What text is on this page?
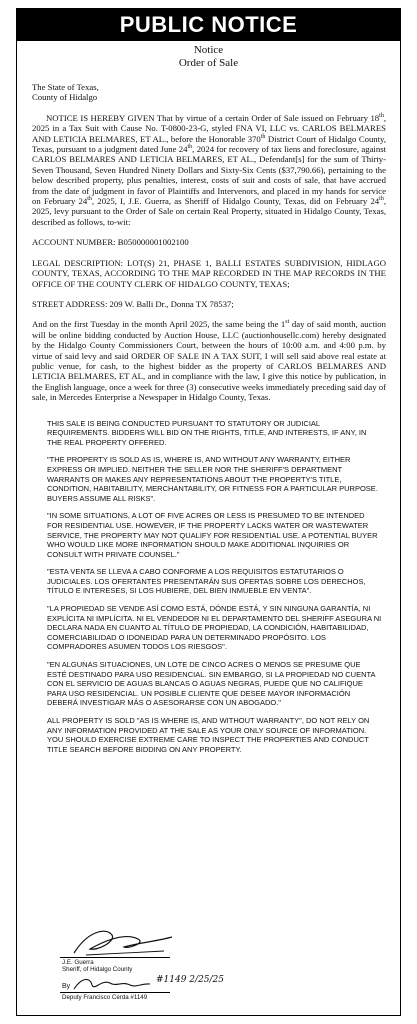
PUBLIC NOTICE
Notice
Order of Sale

The State of Texas,

County of Hidalgo

NOTICE IS HEREBY GIVEN That by virtue of a certain Order of Sale issued on February 18th, 2025 in a Tax Suit with Cause No. T-0800-23-G, styled FNA VI, LLC vs. CARLOS BELMARES AND LETICIA BELMARES, ET AL., before the Honorable 370th District Court of Hidalgo County, Texas, pursuant to a judgment dated June 24th, 2024 for recovery of tax liens and foreclosure, against CARLOS BELMARES AND LETICIA BELMARES, ET AL., Defendant[s] for the sum of Thirty-Seven Thousand, Seven Hundred Ninety Dollars and Sixty-Six Cents ($37,790.66), pertaining to the below described property, plus penalties, interest, costs of suit and costs of sale, that have accrued from the date of judgment in favor of Plaintiffs and Intervenors, and placed in my hands for service on February 24th, 2025, I, J.E. Guerra, as Sheriff of Hidalgo County, Texas, did on February 24th, 2025, levy pursuant to the Order of Sale on certain Real Property, situated in Hidalgo County, Texas, described as follows, to-wit:

ACCOUNT NUMBER: B050000001002100

LEGAL DESCRIPTION: LOT(S) 21, PHASE 1, BALLI ESTATES SUBDIVISION, HIDLAGO COUNTY, TEXAS, ACCORDING TO THE MAP RECORDED IN THE MAP RECORDS IN THE OFFICE OF THE COUNTY CLERK OF HIDALGO COUNTY, TEXAS;

STREET ADDRESS: 209 W. Balli Dr., Donna TX 78537;

And on the first Tuesday in the month April 2025, the same being the 1st day of said month, auction will be online bidding conducted by Auction House, LLC (auctionhousellc.com) hereby designated by the Hidalgo County Commissioners Court, between the hours of 10:00 a.m. and 4:00 p.m. by virtue of said levy and said ORDER OF SALE IN A TAX SUIT, I will sell said above real estate at public venue, for cash, to the highest bidder as the property of CARLOS BELMARES AND LETICIA BELMARES, ET AL, and in compliance with the law, I give this notice by publication, in the English language, once a week for three (3) consecutive weeks immediately preceding said day of sale, in Mercedes Enterprise a Newspaper in Hidalgo County, Texas.

THIS SALE IS BEING CONDUCTED PURSUANT TO STATUTORY OR JUDICIAL REQUIREMENTS. BIDDERS WILL BID ON THE RIGHTS, TITLE, AND INTERESTS, IF ANY, IN THE REAL PROPERTY OFFERED.

"THE PROPERTY IS SOLD AS IS, WHERE IS, AND WITHOUT ANY WARRANTY, EITHER EXPRESS OR IMPLIED. NEITHER THE SELLER NOR THE SHERIFF'S DEPARTMENT WARRANTS OR MAKES ANY REPRESENTATIONS ABOUT THE PROPERTY'S TITLE, CONDITION, HABITABILITY, MERCHANTABILITY, OR FITNESS FOR A PARTICULAR PURPOSE. BUYERS ASSUME ALL RISKS".

"IN SOME SITUATIONS, A LOT OF FIVE ACRES OR LESS IS PRESUMED TO BE INTENDED FOR RESIDENTIAL USE. HOWEVER, IF THE PROPERTY LACKS WATER OR WASTEWATER SERVICE, THE PROPERTY MAY NOT QUALIFY FOR RESIDENTIAL USE. A POTENTIAL BUYER WHO WOULD LIKE MORE INFORMATION SHOULD MAKE ADDITIONAL INQUIRIES OR CONSULT WITH PRIVATE COUNSEL."

"ESTA VENTA SE LLEVA A CABO CONFORME A LOS REQUISITOS ESTATUTARIOS O JUDICIALES. LOS OFERTANTES PRESENTARÁN SUS OFERTAS SOBRE LOS DERECHOS, TÍTULO E INTERESES, SI LOS HUBIERE, DEL BIEN INMUEBLE EN VENTA".

"LA PROPIEDAD SE VENDE ASÍ COMO ESTÁ, DÓNDE ESTÁ, Y SIN NINGUNA GARANTÍA, NI EXPLÍCITA NI IMPLÍCITA. NI EL VENDEDOR NI EL DEPARTAMENTO DEL SHERIFF ASEGURA NI DECLARA NADA EN CUANTO AL TÍTULO DE PROPIEDAD, LA CONDICIÓN, HABITABILIDAD, COMERCIABILIDAD O IDONEIDAD PARA UN DETERMINADO PROPÓSITO. LOS COMPRADORES ASUMEN TODOS LOS RIESGOS".

"EN ALGUNAS SITUACIONES, UN LOTE DE CINCO ACRES O MENOS SE PRESUME QUE ESTÉ DESTINADO PARA USO RESIDENCIAL. SIN EMBARGO, SI LA PROPIEDAD NO CUENTA CON EL SERVICIO DE AGUAS BLANCAS O AGUAS NEGRAS, PUEDE QUE NO CALIFIQUE PARA USO RESIDENCIAL. UN POSIBLE CLIENTE QUE DESEE MAYOR INFORMACIÓN DEBERÁ INVESTIGAR MÁS O ASESORARSE CON UN ABOGADO."

ALL PROPERTY IS SOLD "AS IS WHERE IS, AND WITHOUT WARRANTY", DO NOT RELY ON ANY INFORMATION PROVIDED AT THE SALE AS YOUR ONLY SOURCE OF INFORMATION. YOU SHOULD EXERCISE EXTREME CARE TO INSPECT THE PROPERTIES AND CONDUCT TITLE SEARCH BEFORE BIDDING ON ANY PROPERTY.

J.E. Guerra
Sheriff, of Hidalgo County
By
#1149 2/25/25
Deputy Francisco Cerda #1149
